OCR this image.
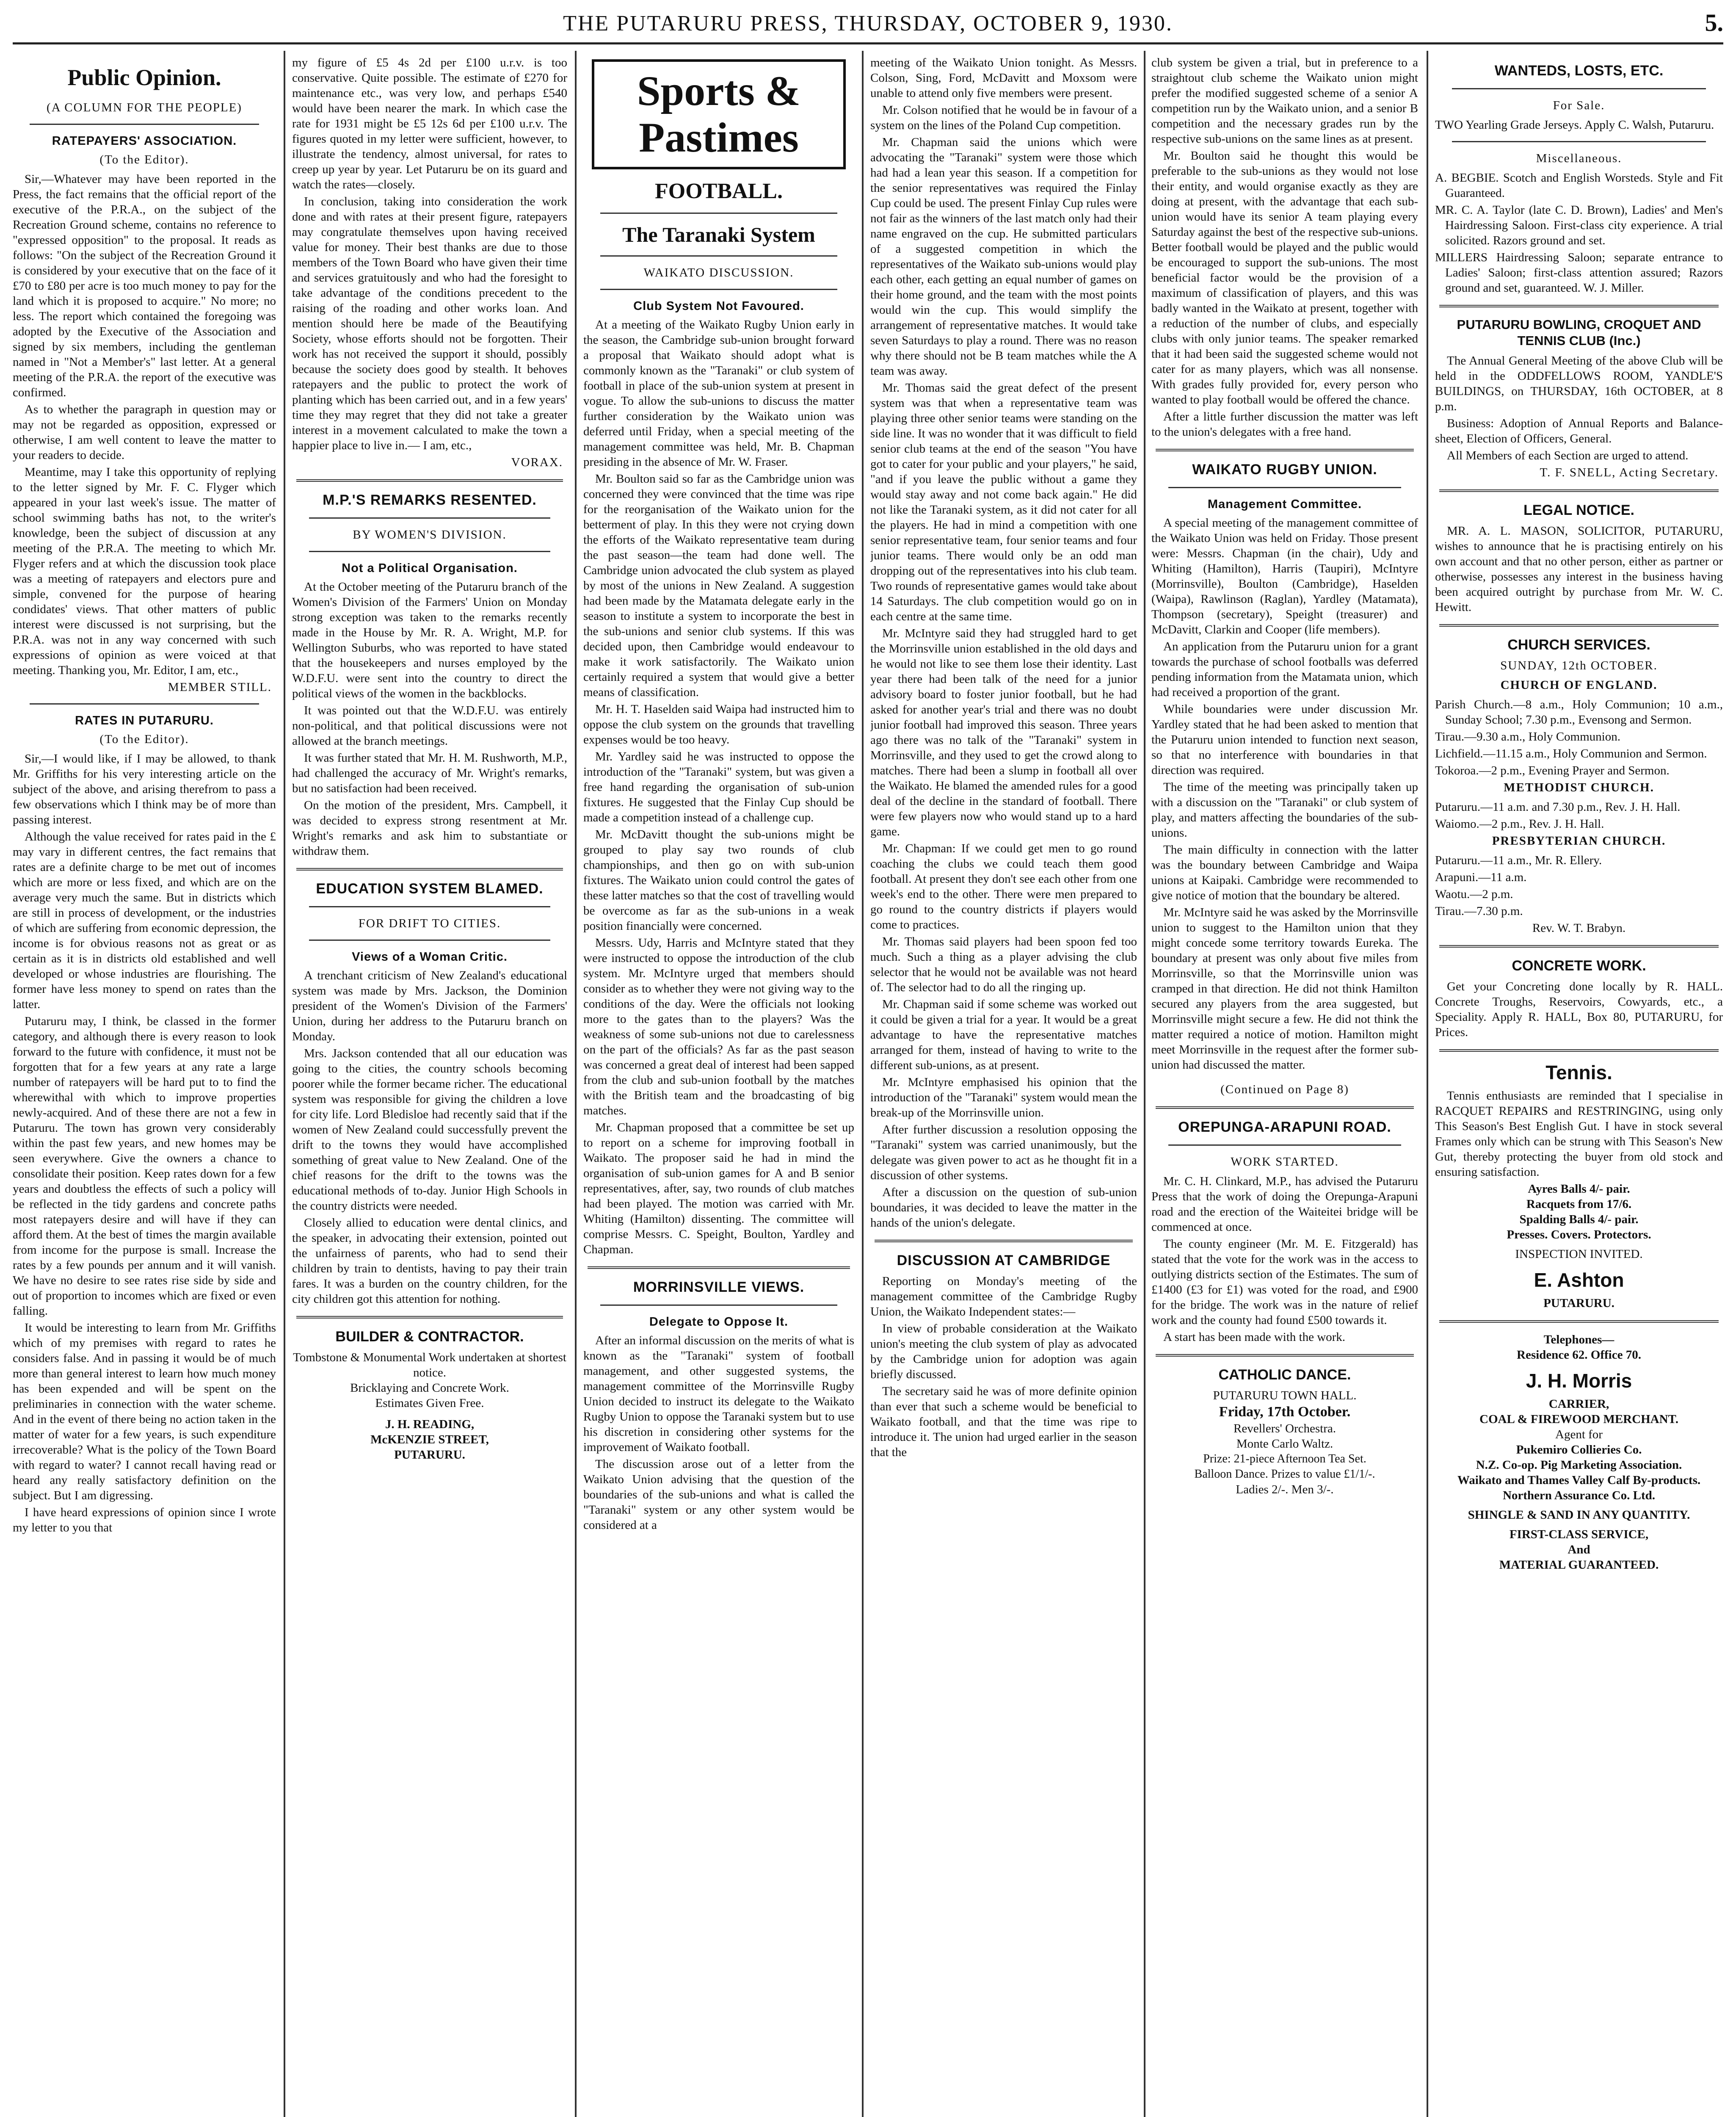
THE PUTARURU PRESS, THURSDAY, OCTOBER 9, 1930.	5.
Public Opinion.
(A COLUMN FOR THE PEOPLE)
RATEPAYERS' ASSOCIATION.
(To the Editor).

Sir,—Whatever may have been reported in the Press, the fact remains that the official report of the executive of the P.R.A., on the subject of the Recreation Ground scheme, contains no reference to "expressed opposition" to the proposal. It reads as follows: "On the subject of the Recreation Ground it is considered by your executive that on the face of it £70 to £80 per acre is too much money to pay for the land which it is proposed to acquire." No more; no less. The report which contained the foregoing was adopted by the Executive of the Association and signed by six members, including the gentleman named in "Not a Member's" last letter. At a general meeting of the P.R.A. the report of the executive was confirmed.

As to whether the paragraph in question may or may not be regarded as opposition, expressed or otherwise, I am well content to leave the matter to your readers to decide.

Meantime, may I take this opportunity of replying to the letter signed by Mr. F. C. Flyger which appeared in your last week's issue. The matter of school swimming baths has not, to the writer's knowledge, been the subject of discussion at any meeting of the P.R.A. The meeting to which Mr. Flyger refers and at which the discussion took place was a meeting of ratepayers and electors pure and simple, convened for the purpose of hearing condidates' views. That other matters of public interest were discussed is not surprising, but the P.R.A. was not in any way concerned with such expressions of opinion as were voiced at that meeting. Thanking you, Mr. Editor, I am, etc.,

MEMBER STILL.
RATES IN PUTARURU.
(To the Editor).

Sir,—I would like, if I may be allowed, to thank Mr. Griffiths for his very interesting article on the subject of the above, and arising therefrom to pass a few observations which I think may be of more than passing interest.

Although the value received for rates paid in the £ may vary in different centres, the fact remains that rates are a definite charge to be met out of incomes which are more or less fixed, and which are on the average very much the same. But in districts which are still in process of development, or the industries of which are suffering from economic depression, the income is for obvious reasons not as great or as certain as it is in districts old established and well developed or whose industries are flourishing. The former have less money to spend on rates than the latter.

Putaruru may, I think, be classed in the former category, and although there is every reason to look forward to the future with confidence, it must not be forgotten that for a few years at any rate a large number of ratepayers will be hard put to to find the wherewithal with which to improve properties newly-acquired. And of these there are not a few in Putaruru. The town has grown very considerably within the past few years, and new homes may be seen everywhere. Give the owners a chance to consolidate their position. Keep rates down for a few years and doubtless the effects of such a policy will be reflected in the tidy gardens and concrete paths most ratepayers desire and will have if they can afford them. At the best of times the margin available from income for the purpose is small. Increase the rates by a few pounds per annum and it will vanish. We have no desire to see rates rise side by side and out of proportion to incomes which are fixed or even falling.

It would be interesting to learn from Mr. Griffiths which of my premises with regard to rates he considers false. And in passing it would be of much more than general interest to learn how much money has been expended and will be spent on the preliminaries in connection with the water scheme. And in the event of there being no action taken in the matter of water for a few years, is such expenditure irrecoverable? What is the policy of the Town Board with regard to water? I cannot recall having read or heard any really satisfactory definition on the subject. But I am digressing.

I have heard expressions of opinion since I wrote my letter to you that

my figure of £5 4s 2d per £100 u.r.v. is too conservative. Quite possible. The estimate of £270 for maintenance etc., was very low, and perhaps £540 would have been nearer the mark. In which case the rate for 1931 might be £5 12s 6d per £100 u.r.v. The figures quoted in my letter were sufficient, however, to illustrate the tendency, almost universal, for rates to creep up year by year. Let Putaruru be on its guard and watch the rates—closely.

In conclusion, taking into consideration the work done and with rates at their present figure, ratepayers may congratulate themselves upon having received value for money. Their best thanks are due to those members of the Town Board who have given their time and services gratuitously and who had the foresight to take advantage of the conditions precedent to the raising of the roading and other works loan. And mention should here be made of the Beautifying Society, whose efforts should not be forgotten. Their work has not received the support it should, possibly because the society does good by stealth. It behoves ratepayers and the public to protect the work of planting which has been carried out, and in a few years' time they may regret that they did not take a greater interest in a movement calculated to make the town a happier place to live in.— I am, etc.,

VORAX.
M.P.'S REMARKS RESENTED.
BY WOMEN'S DIVISION.
Not a Political Organisation.

At the October meeting of the Putaruru branch of the Women's Division of the Farmers' Union on Monday strong exception was taken to the remarks recently made in the House by Mr. R. A. Wright, M.P. for Wellington Suburbs, who was reported to have stated that the housekeepers and nurses employed by the W.D.F.U. were sent into the country to direct the political views of the women in the backblocks.

It was pointed out that the W.D.F.U. was entirely non-political, and that political discussions were not allowed at the branch meetings.

It was further stated that Mr. H. M. Rushworth, M.P., had challenged the accuracy of Mr. Wright's remarks, but no satisfaction had been received.

On the motion of the president, Mrs. Campbell, it was decided to express strong resentment at Mr. Wright's remarks and ask him to substantiate or withdraw them.

EDUCATION SYSTEM BLAMED.
FOR DRIFT TO CITIES.
Views of a Woman Critic.

A trenchant criticism of New Zealand's educational system was made by Mrs. Jackson, the Dominion president of the Women's Division of the Farmers' Union, during her address to the Putaruru branch on Monday.

Mrs. Jackson contended that all our education was going to the cities, the country schools becoming poorer while the former became richer. The educational system was responsible for giving the children a love for city life. Lord Bledisloe had recently said that if the women of New Zealand could successfully prevent the drift to the towns they would have accomplished something of great value to New Zealand. One of the chief reasons for the drift to the towns was the educational methods of to-day. Junior High Schools in the country districts were needed.

Closely allied to education were dental clinics, and the speaker, in advocating their extension, pointed out the unfairness of parents, who had to send their children by train to dentists, having to pay their train fares. It was a burden on the country children, for the city children got this attention for nothing.

BUILDER & CONTRACTOR.
Tombstone & Monumental Work undertaken at shortest notice.
Bricklaying and Concrete Work.
Estimates Given Free.
J. H. READING,
McKENZIE STREET,
PUTARURU.
Sports & Pastimes
FOOTBALL.
The Taranaki System
WAIKATO DISCUSSION.
Club System Not Favoured.

At a meeting of the Waikato Rugby Union early in the season, the Cambridge sub-union brought forward a proposal that Waikato should adopt what is commonly known as the "Taranaki" or club system of football in place of the sub-union system at present in vogue. To allow the sub-unions to discuss the matter further consideration by the Waikato union was deferred until Friday, when a special meeting of the management committee was held, Mr. B. Chapman presiding in the absence of Mr. W. Fraser.

Mr. Boulton said so far as the Cambridge union was concerned they were convinced that the time was ripe for the reorganisation of the Waikato union for the betterment of play. In this they were not crying down the efforts of the Waikato representative team during the past season—the team had done well. The Cambridge union advocated the club system as played by most of the unions in New Zealand. A suggestion had been made by the Matamata delegate early in the season to institute a system to incorporate the best in the sub-unions and senior club systems. If this was decided upon, then Cambridge would endeavour to make it work satisfactorily. The Waikato union certainly required a system that would give a better means of classification.

Mr. H. T. Haselden said Waipa had instructed him to oppose the club system on the grounds that travelling expenses would be too heavy.

Mr. Yardley said he was instructed to oppose the introduction of the "Taranaki" system, but was given a free hand regarding the organisation of sub-union fixtures. He suggested that the Finlay Cup should be made a competition instead of a challenge cup.

Mr. McDavitt thought the sub-unions might be grouped to play say two rounds of club championships, and then go on with sub-union fixtures. The Waikato union could control the gates of these latter matches so that the cost of travelling would be overcome as far as the sub-unions in a weak position financially were concerned.

Messrs. Udy, Harris and McIntyre stated that they were instructed to oppose the introduction of the club system. Mr. McIntyre urged that members should consider as to whether they were not giving way to the conditions of the day. Were the officials not looking more to the gates than to the players? Was the weakness of some sub-unions not due to carelessness on the part of the officials? As far as the past season was concerned a great deal of interest had been sapped from the club and sub-union football by the matches with the British team and the broadcasting of big matches.

Mr. Chapman proposed that a committee be set up to report on a scheme for improving football in Waikato. The proposer said he had in mind the organisation of sub-union games for A and B senior representatives, after, say, two rounds of club matches had been played. The motion was carried with Mr. Whiting (Hamilton) dissenting. The committee will comprise Messrs. C. Speight, Boulton, Yardley and Chapman.

MORRINSVILLE VIEWS.
Delegate to Oppose It.

After an informal discussion on the merits of what is known as the "Taranaki" system of football management, and other suggested systems, the management committee of the Morrinsville Rugby Union decided to instruct its delegate to the Waikato Rugby Union to oppose the Taranaki system but to use his discretion in considering other systems for the improvement of Waikato football.

The discussion arose out of a letter from the Waikato Union advising that the question of the boundaries of the sub-unions and what is called the "Taranaki" system or any other system would be considered at a

meeting of the Waikato Union tonight. As Messrs. Colson, Sing, Ford, McDavitt and Moxsom were unable to attend only five members were present.

Mr. Colson notified that he would be in favour of a system on the lines of the Poland Cup competition.

Mr. Chapman said the unions which were advocating the "Taranaki" system were those which had had a lean year this season. If a competition for the senior representatives was required the Finlay Cup could be used. The present Finlay Cup rules were not fair as the winners of the last match only had their name engraved on the cup. He submitted particulars of a suggested competition in which the representatives of the Waikato sub-unions would play each other, each getting an equal number of games on their home ground, and the team with the most points would win the cup. This would simplify the arrangement of representative matches. It would take seven Saturdays to play a round. There was no reason why there should not be B team matches while the A team was away.

Mr. Thomas said the great defect of the present system was that when a representative team was playing three other senior teams were standing on the side line. It was no wonder that it was difficult to field senior club teams at the end of the season "You have got to cater for your public and your players," he said, "and if you leave the public without a game they would stay away and not come back again." He did not like the Taranaki system, as it did not cater for all the players. He had in mind a competition with one senior representative team, four senior teams and four junior teams. There would only be an odd man dropping out of the representatives into his club team. Two rounds of representative games would take about 14 Saturdays. The club competition would go on in each centre at the same time.

Mr. McIntyre said they had struggled hard to get the Morrinsville union established in the old days and he would not like to see them lose their identity. Last year there had been talk of the need for a junior advisory board to foster junior football, but he had asked for another year's trial and there was no doubt junior football had improved this season. Three years ago there was no talk of the "Taranaki" system in Morrinsville, and they used to get the crowd along to matches. There had been a slump in football all over the Waikato. He blamed the amended rules for a good deal of the decline in the standard of football. There were few players now who would stand up to a hard game.

Mr. Chapman: If we could get men to go round coaching the clubs we could teach them good football. At present they don't see each other from one week's end to the other. There were men prepared to go round to the country districts if players would come to practices.

Mr. Thomas said players had been spoon fed too much. Such a thing as a player advising the club selector that he would not be available was not heard of. The selector had to do all the ringing up.

Mr. Chapman said if some scheme was worked out it could be given a trial for a year. It would be a great advantage to have the representative matches arranged for them, instead of having to write to the different sub-unions, as at present.

Mr. McIntyre emphasised his opinion that the introduction of the "Taranaki" system would mean the break-up of the Morrinsville union.

After further discussion a resolution opposing the "Taranaki" system was carried unanimously, but the delegate was given power to act as he thought fit in a discussion of other systems.

After a discussion on the question of sub-union boundaries, it was decided to leave the matter in the hands of the union's delegate.

DISCUSSION AT CAMBRIDGE

Reporting on Monday's meeting of the management committee of the Cambridge Rugby Union, the Waikato Independent states:—

In view of probable consideration at the Waikato union's meeting the club system of play as advocated by the Cambridge union for adoption was again briefly discussed.

The secretary said he was of more definite opinion than ever that such a scheme would be beneficial to Waikato football, and that the time was ripe to introduce it. The union had urged earlier in the season that the

club system be given a trial, but in preference to a straightout club scheme the Waikato union might prefer the modified suggested scheme of a senior A competition run by the Waikato union, and a senior B competition and the necessary grades run by the respective sub-unions on the same lines as at present.

Mr. Boulton said he thought this would be preferable to the sub-unions as they would not lose their entity, and would organise exactly as they are doing at present, with the advantage that each sub-union would have its senior A team playing every Saturday against the best of the respective sub-unions. Better football would be played and the public would be encouraged to support the sub-unions. The most beneficial factor would be the provision of a maximum of classification of players, and this was badly wanted in the Waikato at present, together with a reduction of the number of clubs, and especially clubs with only junior teams. The speaker remarked that it had been said the suggested scheme would not cater for as many players, which was all nonsense. With grades fully provided for, every person who wanted to play football would be offered the chance.

After a little further discussion the matter was left to the union's delegates with a free hand.

WAIKATO RUGBY UNION.
Management Committee.

A special meeting of the management committee of the Waikato Union was held on Friday. Those present were: Messrs. Chapman (in the chair), Udy and Whiting (Hamilton), Harris (Taupiri), McIntyre (Morrinsville), Boulton (Cambridge), Haselden (Waipa), Rawlinson (Raglan), Yardley (Matamata), Thompson (secretary), Speight (treasurer) and McDavitt, Clarkin and Cooper (life members).

An application from the Putaruru union for a grant towards the purchase of school footballs was deferred pending information from the Matamata union, which had received a proportion of the grant.

While boundaries were under discussion Mr. Yardley stated that he had been asked to mention that the Putaruru union intended to function next season, so that no interference with boundaries in that direction was required.

The time of the meeting was principally taken up with a discussion on the "Taranaki" or club system of play, and matters affecting the boundaries of the sub-unions.

The main difficulty in connection with the latter was the boundary between Cambridge and Waipa unions at Kaipaki. Cambridge were recommended to give notice of motion that the boundary be altered.

Mr. McIntyre said he was asked by the Morrinsville union to suggest to the Hamilton union that they might concede some territory towards Eureka. The boundary at present was only about five miles from Morrinsville, so that the Morrinsville union was cramped in that direction. He did not think Hamilton secured any players from the area suggested, but Morrinsville might secure a few. He did not think the matter required a notice of motion. Hamilton might meet Morrinsville in the request after the former sub-union had discussed the matter.

(Continued on Page 8)
OREPUNGA-ARAPUNI ROAD.
WORK STARTED.

Mr. C. H. Clinkard, M.P., has advised the Putaruru Press that the work of doing the Orepunga-Arapuni road and the erection of the Waiteitei bridge will be commenced at once.

The county engineer (Mr. M. E. Fitzgerald) has stated that the vote for the work was in the access to outlying districts section of the Estimates. The sum of £1400 (£3 for £1) was voted for the road, and £900 for the bridge. The work was in the nature of relief work and the county had found £500 towards it.

A start has been made with the work.

CATHOLIC DANCE.
PUTARURU TOWN HALL.
Friday, 17th October.
Revellers' Orchestra.
Monte Carlo Waltz.
Prize: 21-piece Afternoon Tea Set.
Balloon Dance. Prizes to value £1/1/-.
Ladies 2/-. Men 3/-.
WANTEDS, LOSTS, ETC.
For Sale.

TWO Yearling Grade Jerseys. Apply C. Walsh, Putaruru.

Miscellaneous.

A. BEGBIE. Scotch and English Worsteds. Style and Fit Guaranteed.

MR. C. A. Taylor (late C. D. Brown), Ladies' and Men's Hairdressing Saloon. First-class city experience. A trial solicited. Razors ground and set.

MILLERS Hairdressing Saloon; separate entrance to Ladies' Saloon; first-class attention assured; Razors ground and set, guaranteed. W. J. Miller.

PUTARURU BOWLING, CROQUET AND TENNIS CLUB (Inc.)

The Annual General Meeting of the above Club will be held in the ODDFELLOWS ROOM, YANDLE'S BUILDINGS, on THURSDAY, 16th OCTOBER, at 8 p.m.

Business: Adoption of Annual Reports and Balance-sheet, Election of Officers, General.

All Members of each Section are urged to attend.

T. F. SNELL, Acting Secretary.
LEGAL NOTICE.

MR. A. L. MASON, SOLICITOR, PUTARURU, wishes to announce that he is practising entirely on his own account and that no other person, either as partner or otherwise, possesses any interest in the business having been acquired outright by purchase from Mr. W. C. Hewitt.

CHURCH SERVICES.
SUNDAY, 12th OCTOBER.
CHURCH OF ENGLAND.

Parish Church.—8 a.m., Holy Communion; 10 a.m., Sunday School; 7.30 p.m., Evensong and Sermon.

Tirau.—9.30 a.m., Holy Communion.

Lichfield.—11.15 a.m., Holy Communion and Sermon.

Tokoroa.—2 p.m., Evening Prayer and Sermon.

METHODIST CHURCH.

Putaruru.—11 a.m. and 7.30 p.m., Rev. J. H. Hall.

Waiomo.—2 p.m., Rev. J. H. Hall.

PRESBYTERIAN CHURCH.

Putaruru.—11 a.m., Mr. R. Ellery.

Arapuni.—11 a.m.

Waotu.—2 p.m.

Tirau.—7.30 p.m.

Rev. W. T. Brabyn.
CONCRETE WORK.

Get your Concreting done locally by R. HALL. Concrete Troughs, Reservoirs, Cowyards, etc., a Speciality. Apply R. HALL, Box 80, PUTARURU, for Prices.

Tennis.

Tennis enthusiasts are reminded that I specialise in RACQUET REPAIRS and RESTRINGING, using only This Season's Best English Gut. I have in stock several Frames only which can be strung with This Season's New Gut, thereby protecting the buyer from old stock and ensuring satisfaction.

Ayres Balls 4/- pair.
Racquets from 17/6.
Spalding Balls 4/- pair.
Presses. Covers. Protectors.
INSPECTION INVITED.
E. Ashton
PUTARURU.
Telephones—
Residence 62. Office 70.
J. H. Morris
CARRIER,
COAL & FIREWOOD MERCHANT.
Agent for
Pukemiro Collieries Co.
N.Z. Co-op. Pig Marketing Association.
Waikato and Thames Valley Calf By-products.
Northern Assurance Co. Ltd.
SHINGLE & SAND IN ANY QUANTITY.
FIRST-CLASS SERVICE,
And
MATERIAL GUARANTEED.
